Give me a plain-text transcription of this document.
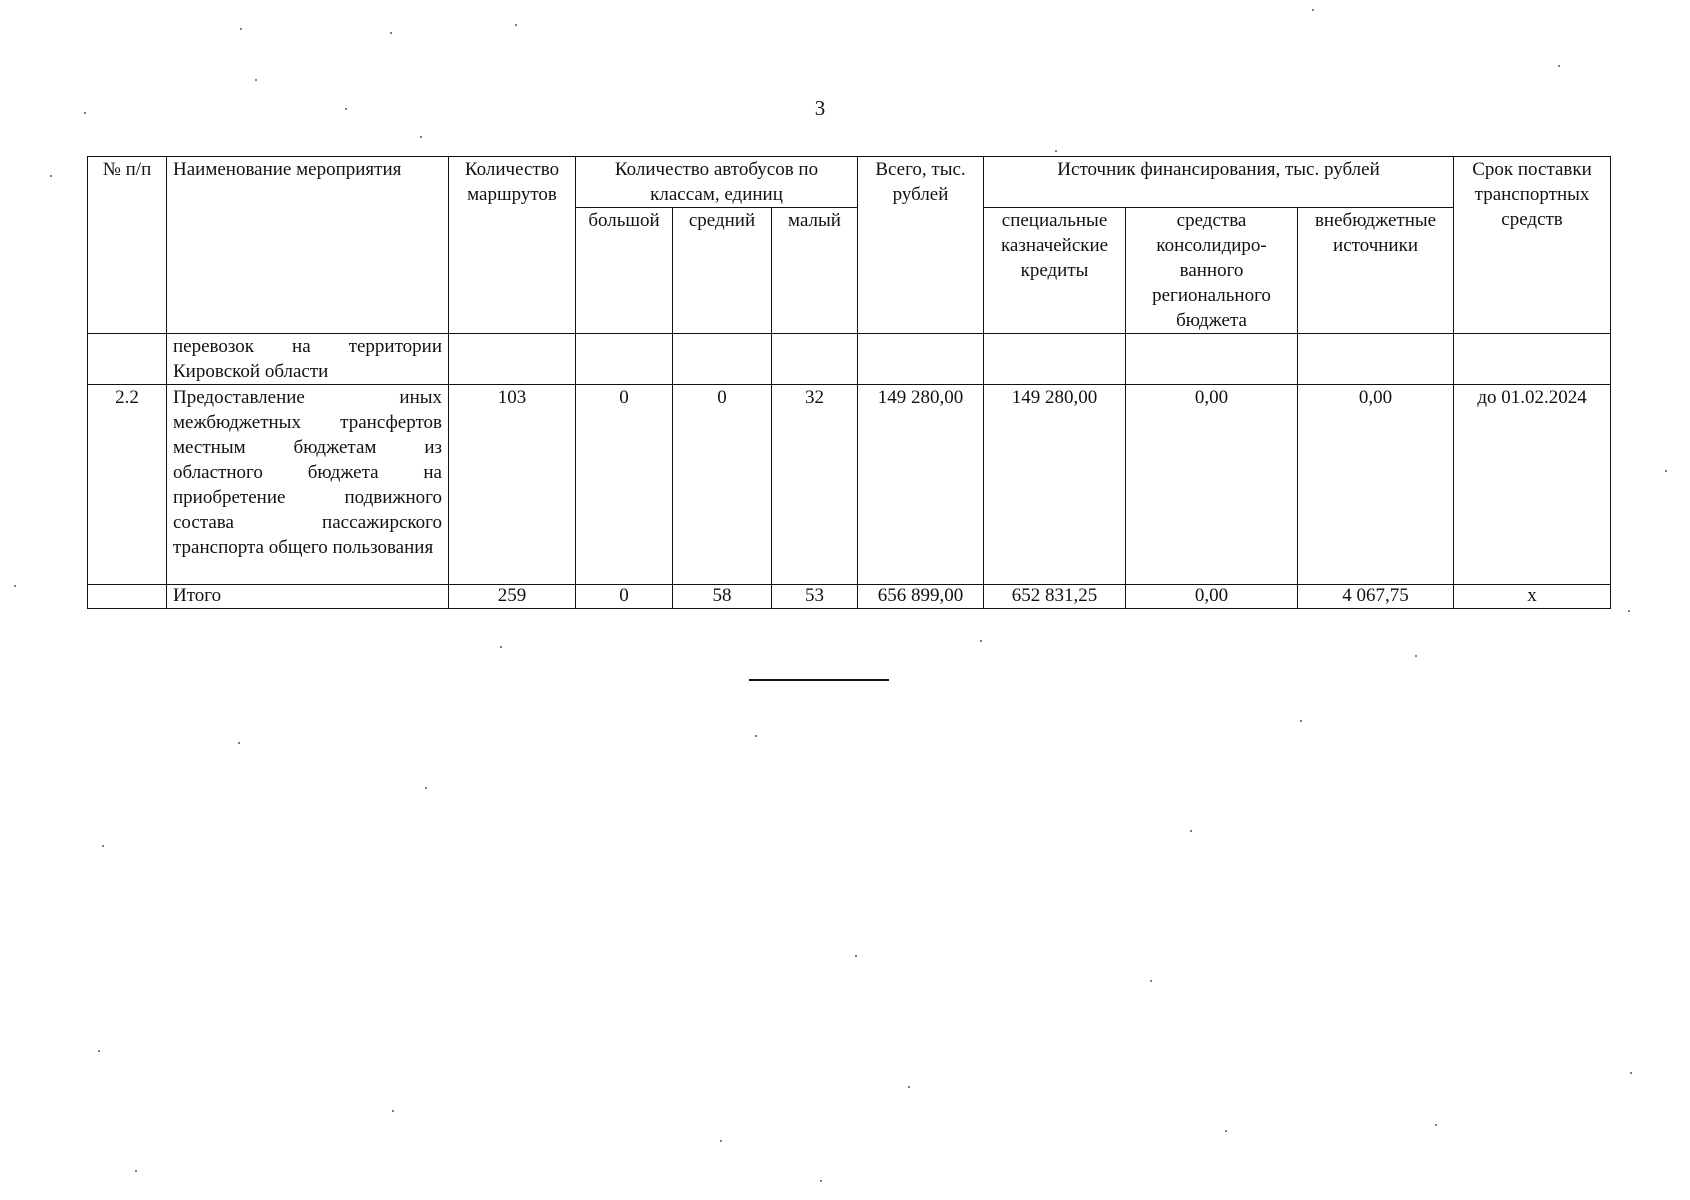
3
№ п/п	Наименование мероприятия	Количество маршрутов	Количество автобусов по классам, единиц			Всего, тыс. рублей	Источник финансирования, тыс. рублей			Срок поставки транспортных средств
			большой	средний	малый		специальные казначейские кредиты	средства консолидиро-ванного регионального бюджета	внебюджетные источники	
	перевозок на территории Кировской области									
2.2	Предоставление иных межбюджетных трансфертов местным бюджетам из областного бюджета на приобретение подвижного состава пассажирского транспорта общего пользования	103	0	0	32	149 280,00	149 280,00	0,00	0,00	до 01.02.2024
	Итого	259	0	58	53	656 899,00	652 831,25	0,00	4 067,75	х
